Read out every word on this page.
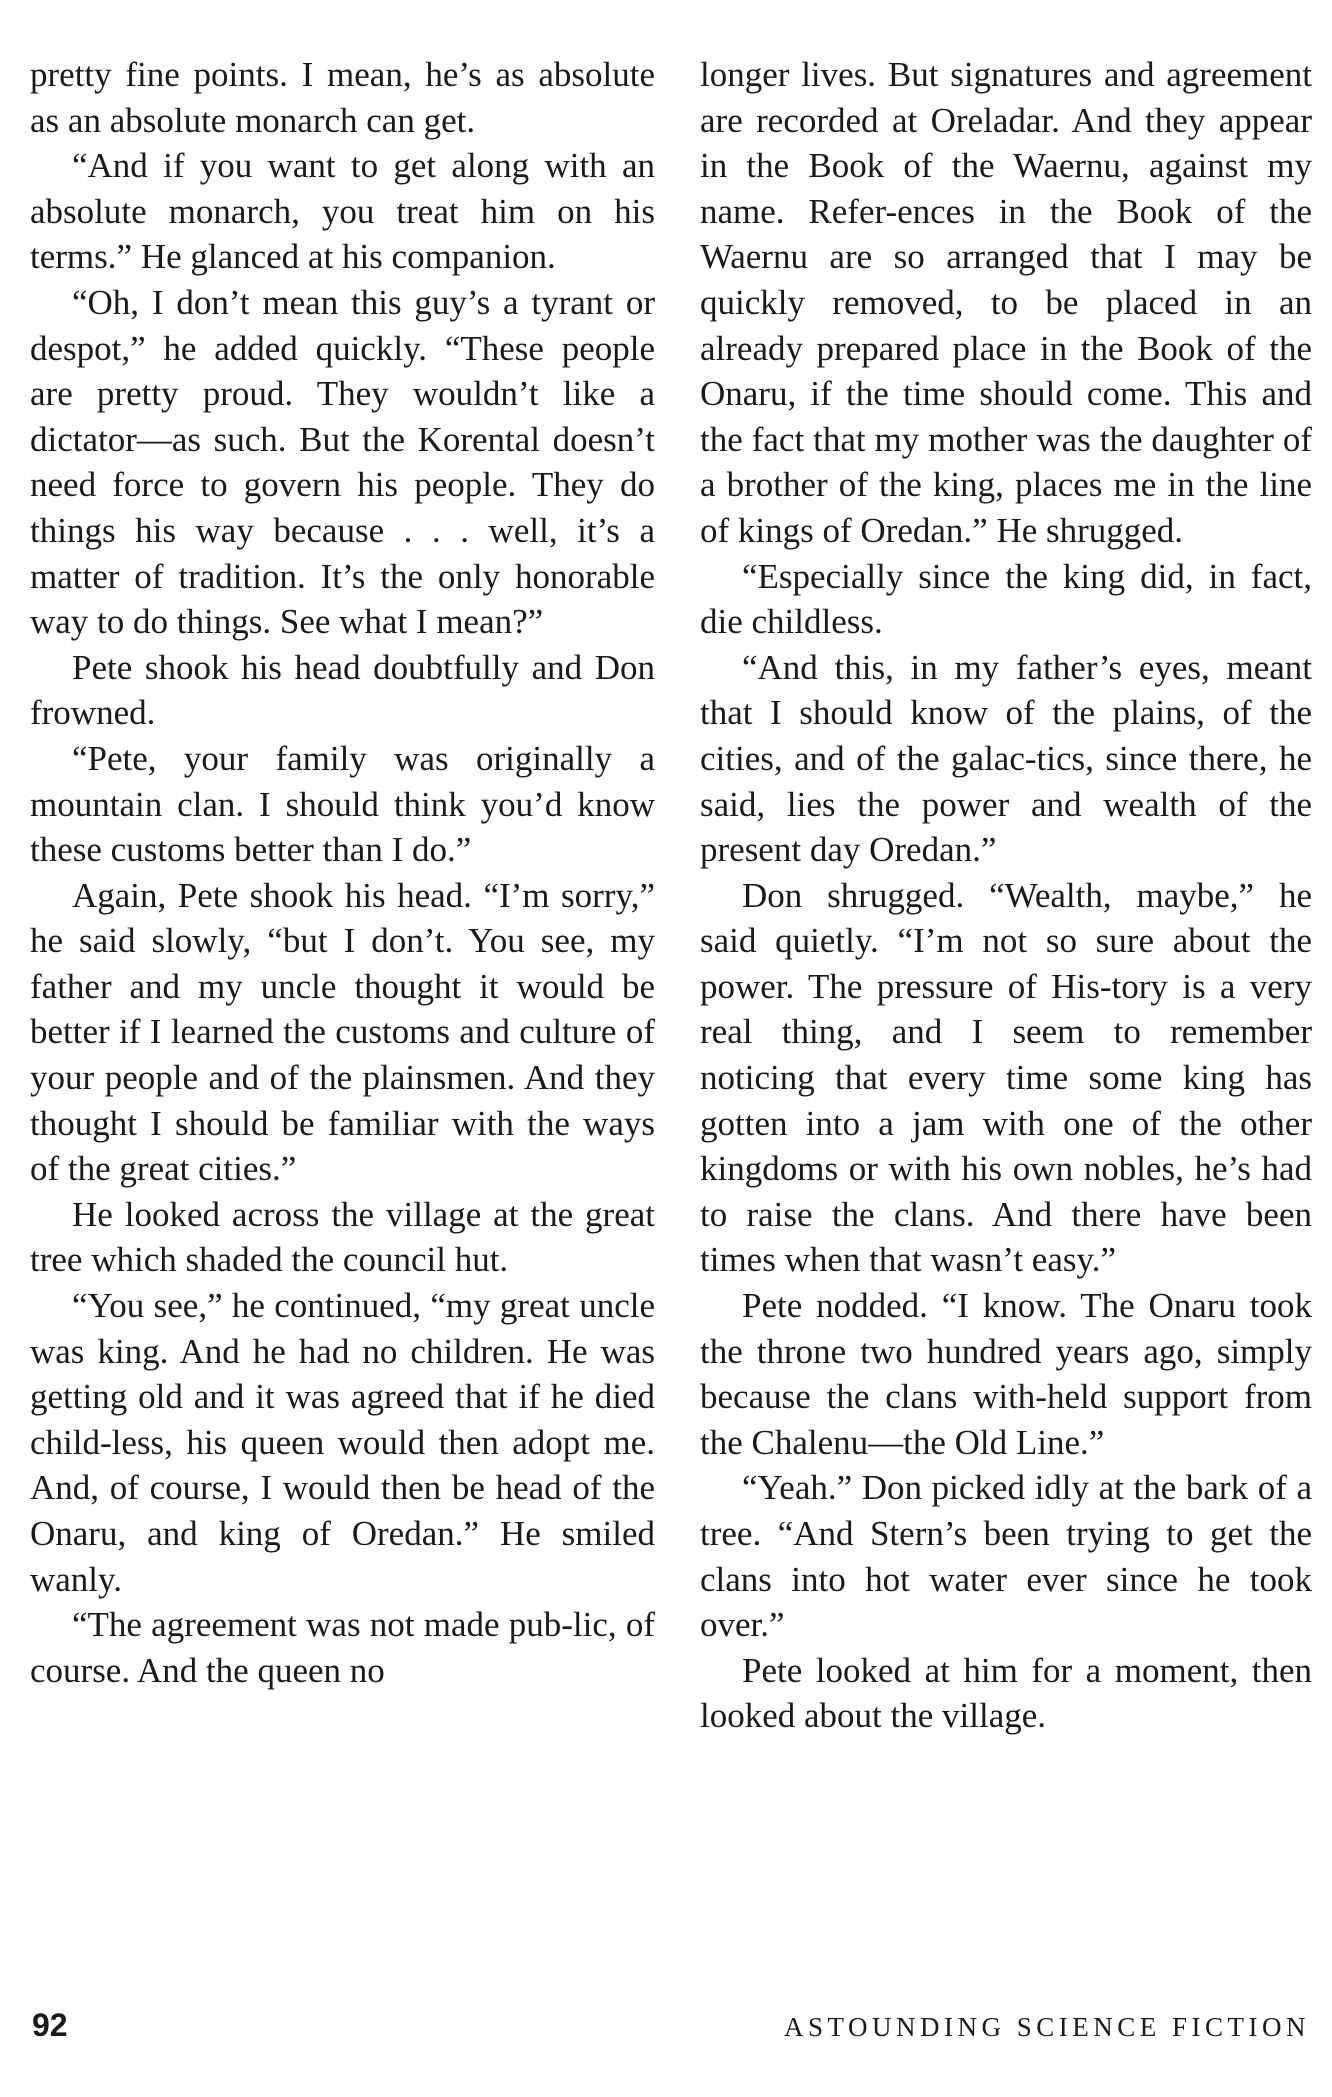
pretty fine points. I mean, he’s as absolute as an absolute monarch can get.

“And if you want to get along with an absolute monarch, you treat him on his terms.” He glanced at his companion.

“Oh, I don’t mean this guy’s a tyrant or despot,” he added quickly. “These people are pretty proud. They wouldn’t like a dictator—as such. But the Korental doesn’t need force to govern his people. They do things his way because . . . well, it’s a matter of tradition. It’s the only honorable way to do things. See what I mean?”

Pete shook his head doubtfully and Don frowned.

“Pete, your family was originally a mountain clan. I should think you’d know these customs better than I do.”

Again, Pete shook his head. “I’m sorry,” he said slowly, “but I don’t. You see, my father and my uncle thought it would be better if I learned the customs and culture of your people and of the plainsmen. And they thought I should be familiar with the ways of the great cities.”

He looked across the village at the great tree which shaded the council hut.

“You see,” he continued, “my great uncle was king. And he had no children. He was getting old and it was agreed that if he died child-less, his queen would then adopt me. And, of course, I would then be head of the Onaru, and king of Oredan.” He smiled wanly.

“The agreement was not made pub-lic, of course. And the queen no

longer lives. But signatures and agreement are recorded at Oreladar. And they appear in the Book of the Waernu, against my name. Refer-ences in the Book of the Waernu are so arranged that I may be quickly removed, to be placed in an already prepared place in the Book of the Onaru, if the time should come. This and the fact that my mother was the daughter of a brother of the king, places me in the line of kings of Oredan.” He shrugged.

“Especially since the king did, in fact, die childless.

“And this, in my father’s eyes, meant that I should know of the plains, of the cities, and of the galac-tics, since there, he said, lies the power and wealth of the present day Oredan.”

Don shrugged. “Wealth, maybe,” he said quietly. “I’m not so sure about the power. The pressure of His-tory is a very real thing, and I seem to remember noticing that every time some king has gotten into a jam with one of the other kingdoms or with his own nobles, he’s had to raise the clans. And there have been times when that wasn’t easy.”

Pete nodded. “I know. The Onaru took the throne two hundred years ago, simply because the clans with-held support from the Chalenu—the Old Line.”

“Yeah.” Don picked idly at the bark of a tree. “And Stern’s been trying to get the clans into hot water ever since he took over.”

Pete looked at him for a moment, then looked about the village.

92	ASTOUNDING SCIENCE FICTION
